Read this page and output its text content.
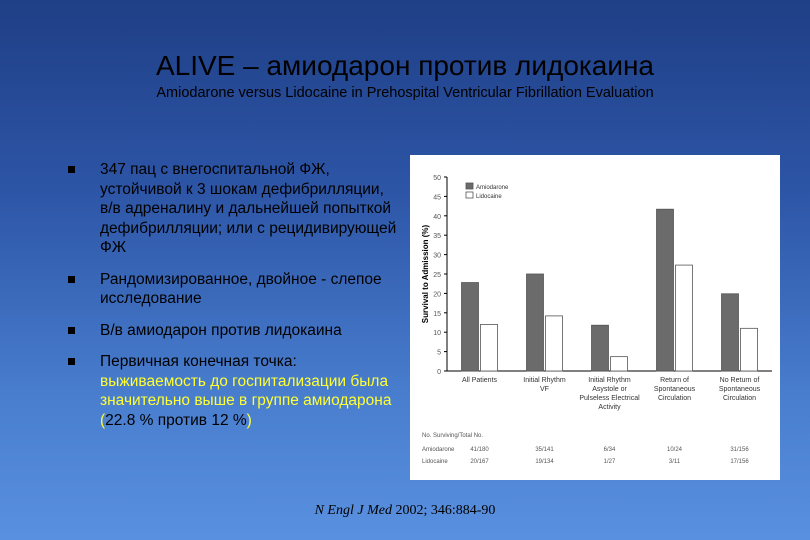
ALIVE – амиодарон против лидокаина
Amiodarone versus Lidocaine in Prehospital Ventricular Fibrillation Evaluation
347 пац с внегоспитальной ФЖ, устойчивой к 3 шокам дефибрилляции, в/в адреналину и дальнейшей попыткой дефибрилляции; или с рецидивирующей ФЖ
Рандомизированное, двойное - слепое исследование
В/в амиодарон против лидокаина
Первичная конечная точка: выживаемость до госпитализации была значительно выше в группе амиодарона (22.8 % против 12 %)
0
5
10
15
20
25
30
35
40
45
50
Survival to Admission (%)
All Patients	Initial Rhythm
VF
Initial Rhythm
Asystole or
Pulseless Electrical
Activity
Return of
Spontaneous
Circulation
No Return of
Spontaneous
Circulation
Amiodarone
Lidocaine
No. Surviving/Total No.
Amiodarone	41/180	35/141	6/34	10/24	31/156
Lidocaine	20/167	19/134	1/27	3/11	17/156
N Engl J Med 2002; 346:884-90
